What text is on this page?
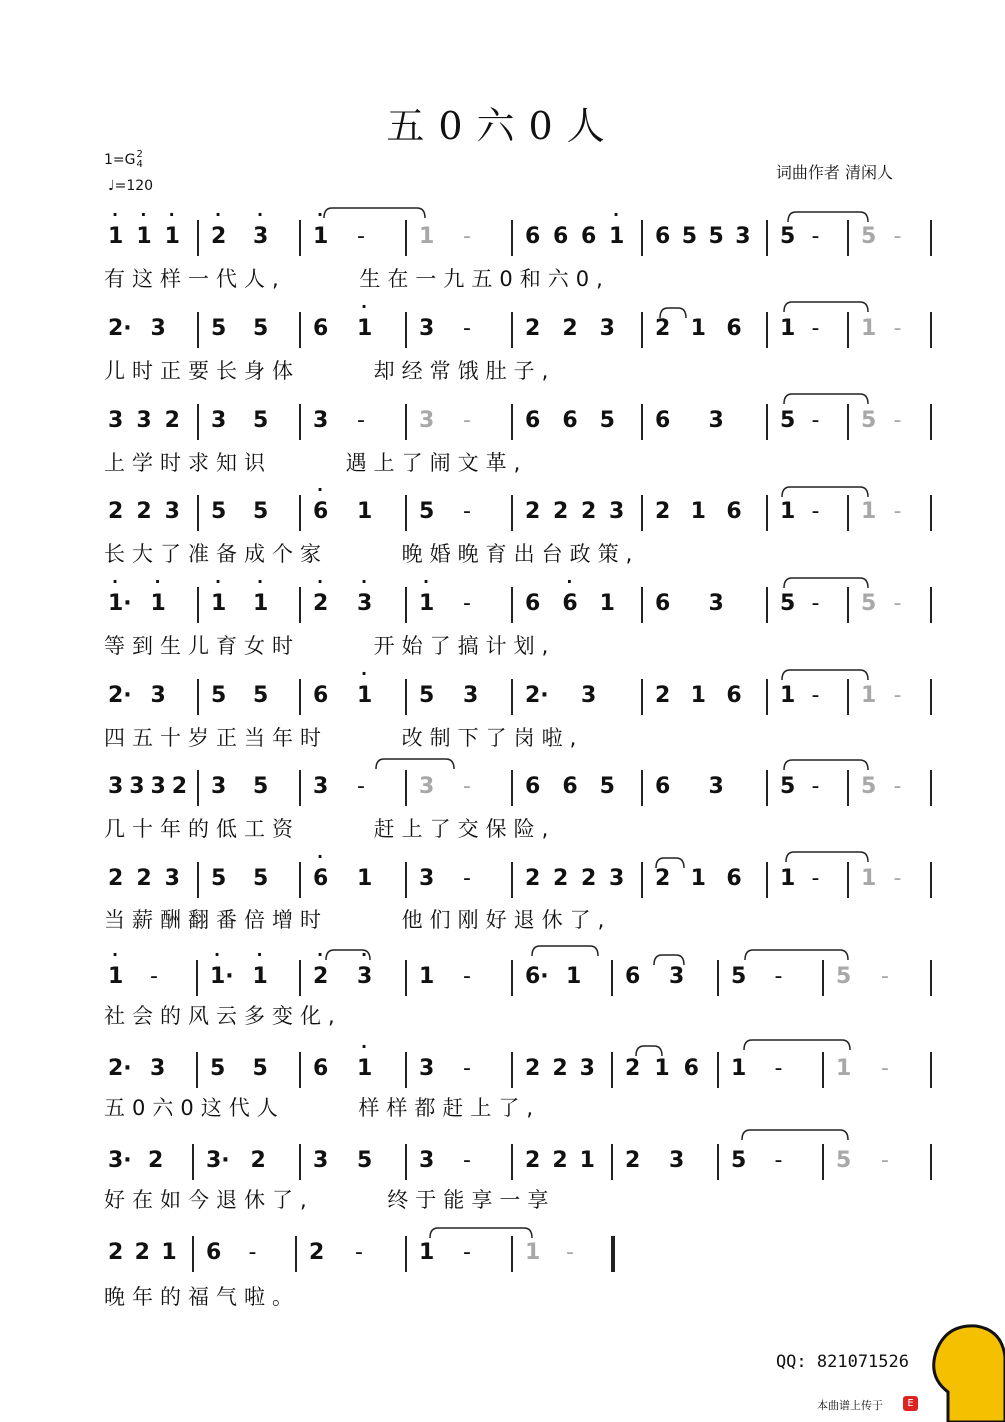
五0六0人
1=G2
4
♩=120
词曲作者 清闲人
1
·
1
·
1
·
2
·
3
·
1
·
- 1 - 6 6 6 1
·
6 5 5 3 5 - 5 -
有这样一代人, 生在一九五0和六0,
2· 3 5 5 6 1
·
3 - 2 2 3 2 1 6 1 - 1 -
儿时正要长身体 却经常饿肚子,
3 3 2 3 5 3 - 3 - 6 6 5 6 3	5 - 5 -
上学时求知识 遇上了闹文革,
2 2 3 5 5 6
·
1 5 - 2 2 2 3 2 1 6 1 - 1 -
长大了准备成个家 晚婚晚育出台政策,
1·
·
1
·
1
·
1
·
2
·
3
·
1
·
- 6 6
·
1 6 3	5 - 5 -
等到生儿育女时 开始了搞计划,
2· 3 5 5 6 1
·
5 3 2· 3	2 1 6 1 - 1 -
四五十岁正当年时 改制下了岗啦,
3 3 3 2 3 5 3 - 3 - 6 6 5 6 3	5 - 5 -
几十年的低工资 赶上了交保险,
2 2 3 5 5 6
·
1 3 - 2 2 2 3 2 1 6 1 - 1 -
当薪酬翻番倍增时 他们刚好退休了,
1
·
- 1·
·
1
·
2
·
3
·
1 - 6· 1 6 3 5 - 5 -
社会的风云多变化,
2· 3 5 5 6 1
·
3 - 2 2 3 2 1 6 1 - 1 -
五0六0这代人 样样都赶上了,
3· 2 3· 2 3 5 3 - 2 2 1 2 3 5 - 5 -
好在如今退休了, 终于能享一享
2 2 1 6 - 2 -	1 - 1 -
晚年的福气啦。
QQ: 821071526
本曲谱上传于	E
